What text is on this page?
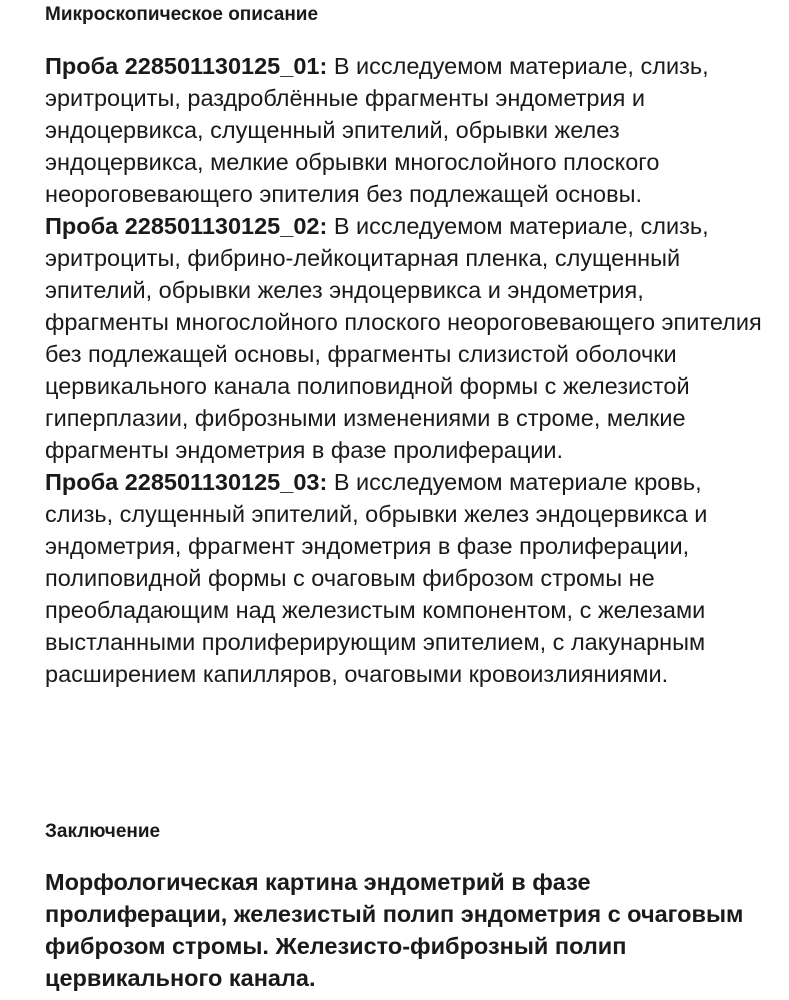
Микроскопическое описание

Проба 228501130125_01: В исследуемом материале, слизь, эритроциты, раздроблённые фрагменты эндометрия и эндоцервикса, слущенный эпителий, обрывки желез эндоцервикса, мелкие обрывки многослойного плоского неороговевающего эпителия без подлежащей основы.

Проба 228501130125_02: В исследуемом материале, слизь, эритроциты, фибрино-лейкоцитарная пленка, слущенный эпителий, обрывки желез эндоцервикса и эндометрия, фрагменты многослойного плоского неороговевающего эпителия без подлежащей основы, фрагменты слизистой оболочки цервикального канала полиповидной формы с железистой гиперплазии, фиброзными изменениями в строме, мелкие фрагменты эндометрия в фазе пролиферации.

Проба 228501130125_03: В исследуемом материале кровь, слизь, слущенный эпителий, обрывки желез эндоцервикса и эндометрия, фрагмент эндометрия в фазе пролиферации, полиповидной формы с очаговым фиброзом стромы не преобладающим над железистым компонентом, с железами выстланными пролиферирующим эпителием, с лакунарным расширением капилляров, очаговыми кровоизлияниями.

Заключение

Морфологическая картина эндометрий в фазе пролиферации, железистый полип эндометрия с очаговым фиброзом стромы. Железисто-фиброзный полип цервикального канала.
